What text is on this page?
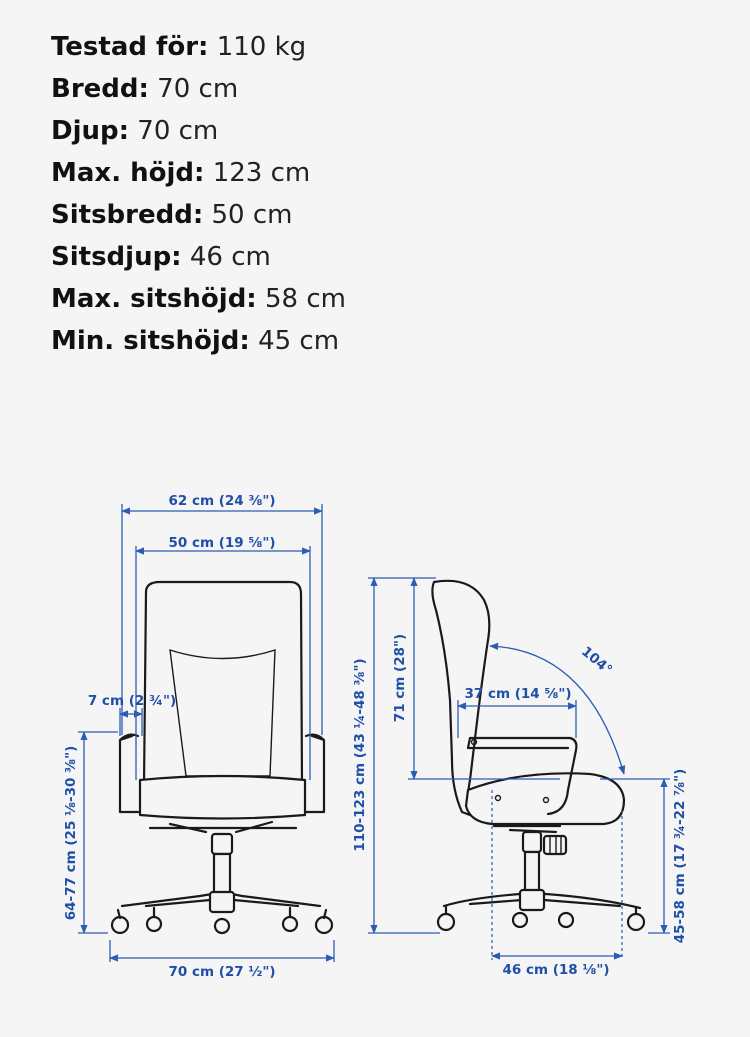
Testad för: 110 kg
Bredd: 70 cm
Djup: 70 cm
Max. höjd: 123 cm
Sitsbredd: 50 cm
Sitsdjup: 46 cm
Max. sitshöjd: 58 cm
Min. sitshöjd: 45 cm
62 cm (24 ⅜")
50 cm (19 ⅝")
7 cm (2 ¾")
64-77 cm (25 ⅛-30 ⅜")
70 cm (27 ½")
110-123 cm (43 ¼-48 ⅜") 71 cm (28")	37 cm (14 ⅝")
104°
45-58 cm (17 ¾-22 ⅞")
46 cm (18 ⅛")
